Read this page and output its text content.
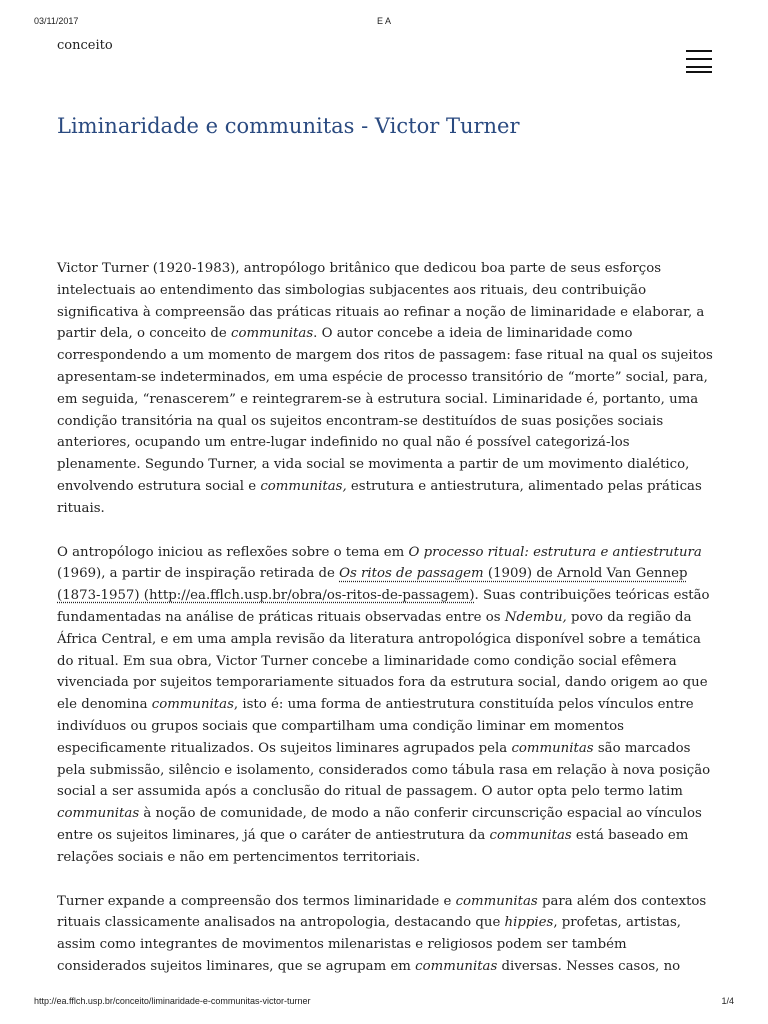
03/11/2017	E A
conceito
Liminaridade e communitas - Victor Turner

Victor Turner (1920-1983), antropólogo britânico que dedicou boa parte de seus esforços intelectuais ao entendimento das simbologias subjacentes aos rituais, deu contribuição significativa à compreensão das práticas rituais ao refinar a noção de liminaridade e elaborar, a partir dela, o conceito de communitas. O autor concebe a ideia de liminaridade como correspondendo a um momento de margem dos ritos de passagem: fase ritual na qual os sujeitos apresentam-se indeterminados, em uma espécie de processo transitório de “morte” social, para, em seguida, “renascerem” e reintegrarem-se à estrutura social. Liminaridade é, portanto, uma condição transitória na qual os sujeitos encontram-se destituídos de suas posições sociais anteriores, ocupando um entre-lugar indefinido no qual não é possível categorizá-los plenamente. Segundo Turner, a vida social se movimenta a partir de um movimento dialético, envolvendo estrutura social e communitas, estrutura e antiestrutura, alimentado pelas práticas rituais.

O antropólogo iniciou as reflexões sobre o tema em O processo ritual: estrutura e antiestrutura (1969), a partir de inspiração retirada de Os ritos de passagem (1909) de Arnold Van Gennep (1873-1957) (http://ea.fflch.usp.br/obra/os-ritos-de-passagem). Suas contribuições teóricas estão fundamentadas na análise de práticas rituais observadas entre os Ndembu, povo da região da África Central, e em uma ampla revisão da literatura antropológica disponível sobre a temática do ritual. Em sua obra, Victor Turner concebe a liminaridade como condição social efêmera vivenciada por sujeitos temporariamente situados fora da estrutura social, dando origem ao que ele denomina communitas, isto é: uma forma de antiestrutura constituída pelos vínculos entre indivíduos ou grupos sociais que compartilham uma condição liminar em momentos especificamente ritualizados. Os sujeitos liminares agrupados pela communitas são marcados pela submissão, silêncio e isolamento, considerados como tábula rasa em relação à nova posição social a ser assumida após a conclusão do ritual de passagem. O autor opta pelo termo latim communitas à noção de comunidade, de modo a não conferir circunscrição espacial ao vínculos entre os sujeitos liminares, já que o caráter de antiestrutura da communitas está baseado em relações sociais e não em pertencimentos territoriais.

Turner expande a compreensão dos termos liminaridade e communitas para além dos contextos rituais classicamente analisados na antropologia, destacando que hippies, profetas, artistas, assim como integrantes de movimentos milenaristas e religiosos podem ser também considerados sujeitos liminares, que se agrupam em communitas diversas. Nesses casos, no

http://ea.fflch.usp.br/conceito/liminaridade-e-communitas-victor-turner	1/4
